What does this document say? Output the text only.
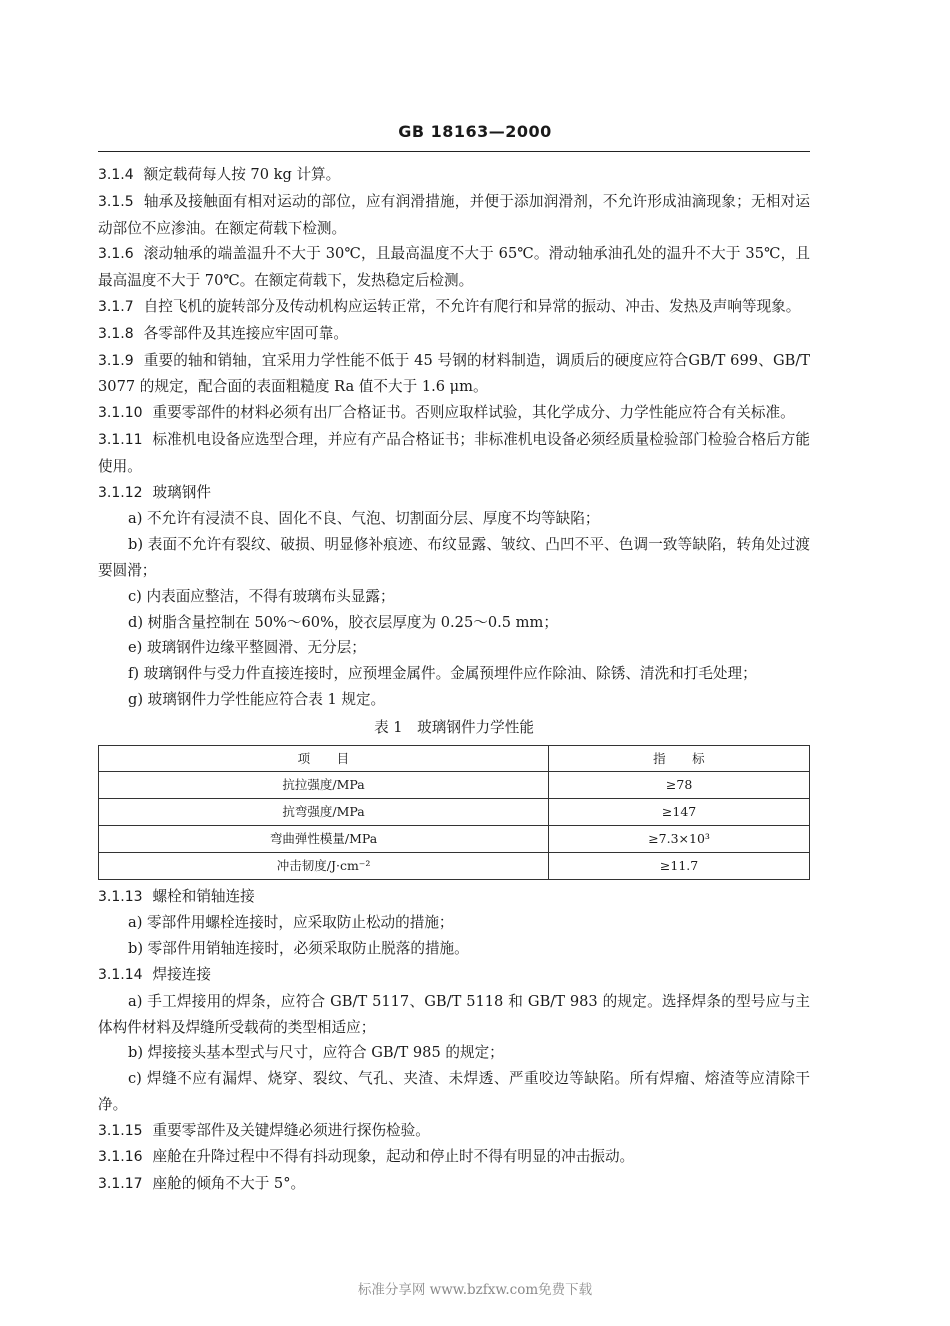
GB 18163—2000

3.1.4 额定载荷每人按 70 kg 计算。

3.1.5 轴承及接触面有相对运动的部位，应有润滑措施，并便于添加润滑剂，不允许形成油滴现象；无相对运动部位不应渗油。在额定荷载下检测。

3.1.6 滚动轴承的端盖温升不大于 30℃，且最高温度不大于 65℃。滑动轴承油孔处的温升不大于 35℃，且最高温度不大于 70℃。在额定荷载下，发热稳定后检测。

3.1.7 自控飞机的旋转部分及传动机构应运转正常，不允许有爬行和异常的振动、冲击、发热及声响等现象。

3.1.8 各零部件及其连接应牢固可靠。

3.1.9 重要的轴和销轴，宜采用力学性能不低于 45 号钢的材料制造，调质后的硬度应符合GB/T 699、GB/T 3077 的规定，配合面的表面粗糙度 Ra 值不大于 1.6 μm。

3.1.10 重要零部件的材料必须有出厂合格证书。否则应取样试验，其化学成分、力学性能应符合有关标准。

3.1.11 标准机电设备应选型合理，并应有产品合格证书；非标准机电设备必须经质量检验部门检验合格后方能使用。

3.1.12 玻璃钢件

a) 不允许有浸渍不良、固化不良、气泡、切割面分层、厚度不均等缺陷；

b) 表面不允许有裂纹、破损、明显修补痕迹、布纹显露、皱纹、凸凹不平、色调一致等缺陷，转角处过渡要圆滑；

c) 内表面应整洁，不得有玻璃布头显露；

d) 树脂含量控制在 50%～60%，胶衣层厚度为 0.25～0.5 mm；

e) 玻璃钢件边缘平整圆滑、无分层；

f) 玻璃钢件与受力件直接连接时，应预埋金属件。金属预埋件应作除油、除锈、清洗和打毛处理；

g) 玻璃钢件力学性能应符合表 1 规定。

表 1　玻璃钢件力学性能
项　　目	指　　标
抗拉强度/MPa	≥78
抗弯强度/MPa	≥147
弯曲弹性模量/MPa	≥7.3×10³
冲击韧度/J·cm⁻²	≥11.7

3.1.13 螺栓和销轴连接

a) 零部件用螺栓连接时，应采取防止松动的措施；

b) 零部件用销轴连接时，必须采取防止脱落的措施。

3.1.14 焊接连接

a) 手工焊接用的焊条，应符合 GB/T 5117、GB/T 5118 和 GB/T 983 的规定。选择焊条的型号应与主体构件材料及焊缝所受载荷的类型相适应；

b) 焊接接头基本型式与尺寸，应符合 GB/T 985 的规定；

c) 焊缝不应有漏焊、烧穿、裂纹、气孔、夹渣、未焊透、严重咬边等缺陷。所有焊瘤、熔渣等应清除干净。

3.1.15 重要零部件及关键焊缝必须进行探伤检验。

3.1.16 座舱在升降过程中不得有抖动现象，起动和停止时不得有明显的冲击振动。

3.1.17 座舱的倾角不大于 5°。

标准分享网 www.bzfxw.com免费下载
